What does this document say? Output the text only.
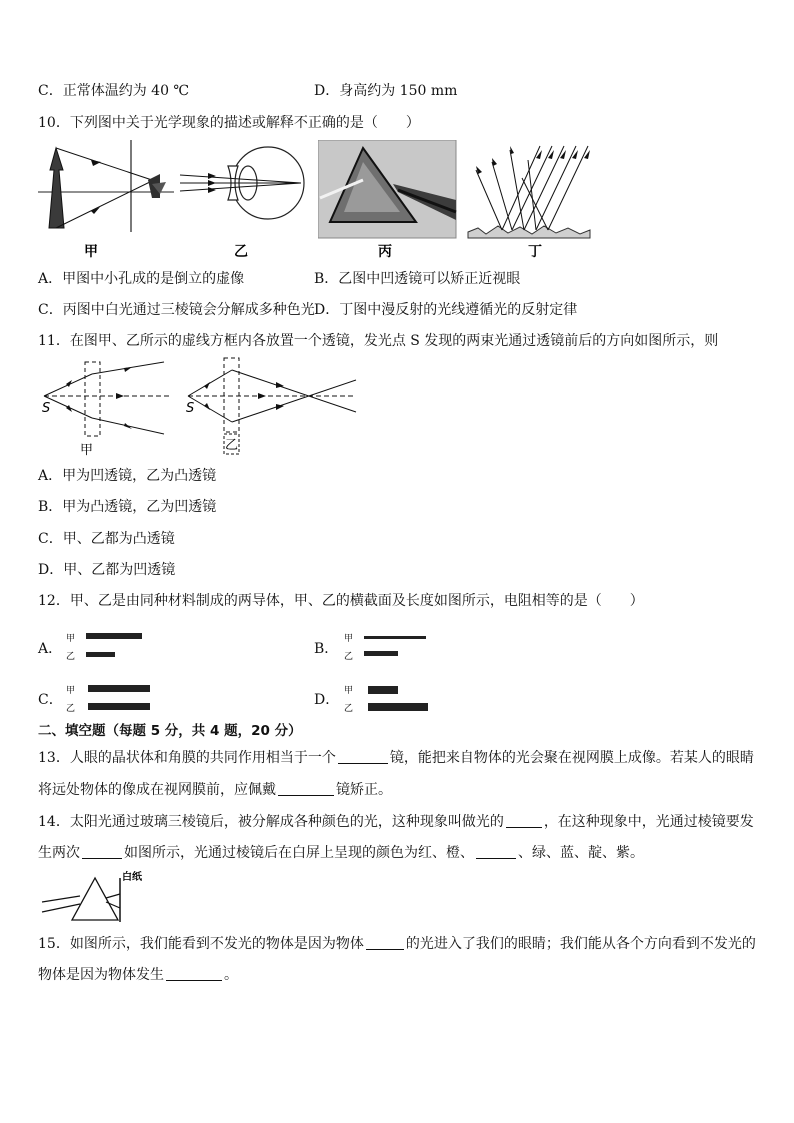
C．正常体温约为 40 ℃	D．身高约为 150 mm
10．下列图中关于光学现象的描述或解释不正确的是（　　）
甲	乙	丙	丁
A．甲图中小孔成的是倒立的虚像	B．乙图中凹透镜可以矫正近视眼
C．丙图中白光通过三棱镜会分解成多种色光 D．丁图中漫反射的光线遵循光的反射定律
11．在图甲、乙所示的虚线方框内各放置一个透镜，发光点 S 发现的两束光通过透镜前后的方向如图所示，则
S
甲
S
乙
A．甲为凹透镜，乙为凸透镜
B．甲为凸透镜，乙为凹透镜
C．甲、乙都为凸透镜
D．甲、乙都为凹透镜
12．甲、乙是由同种材料制成的两导体，甲、乙的横截面及长度如图所示，电阻相等的是（　　）
A．
甲
乙	B．
甲
乙
C．
甲
乙
D．
甲
乙
二、填空题（每题 5 分，共 4 题，20 分）
13．人眼的晶状体和角膜的共同作用相当于一个	镜，能把来自物体的光会聚在视网膜上成像。若某人的眼睛
将远处物体的像成在视网膜前，应佩戴	镜矫正。
14．太阳光通过玻璃三棱镜后，被分解成各种颜色的光，这种现象叫做光的	，在这种现象中，光通过棱镜要发
生两次	如图所示，光通过棱镜后在白屏上呈现的颜色为红、橙、	、绿、蓝、靛、紫。
白纸
15．如图所示，我们能看到不发光的物体是因为物体	的光进入了我们的眼睛；我们能从各个方向看到不发光的
物体是因为物体发生	。
